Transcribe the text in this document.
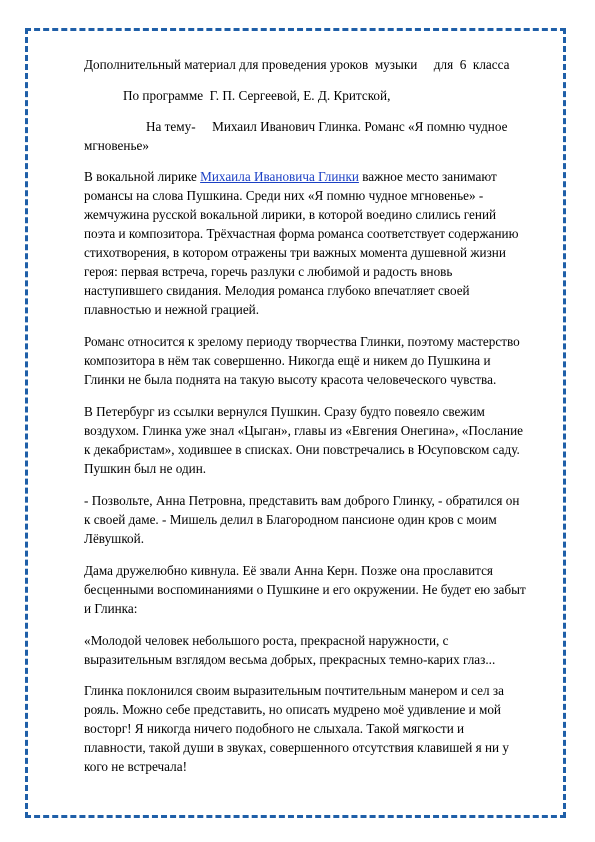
Дополнительный материал для проведения уроков  музыки     для  6  класса
По программе  Г. П. Сергеевой, Е. Д. Критской,
На тему-     Михаил Иванович Глинка. Романс «Я помню чудное
мгновенье»

В вокальной лирике Михаила Ивановича Глинки важное место занимают
романсы на слова Пушкина. Среди них «Я помню чудное мгновенье» -
жемчужина русской вокальной лирики, в которой воедино слились гений
поэта и композитора. Трёхчастная форма романса соответствует содержанию
стихотворения, в котором отражены три важных момента душевной жизни
героя: первая встреча, горечь разлуки с любимой и радость вновь
наступившего свидания. Мелодия романса глубоко впечатляет своей
плавностью и нежной грацией.

Романс относится к зрелому периоду творчества Глинки, поэтому мастерство
композитора в нём так совершенно. Никогда ещё и никем до Пушкина и
Глинки не была поднята на такую высоту красота человеческого чувства.

В Петербург из ссылки вернулся Пушкин. Сразу будто повеяло свежим
воздухом. Глинка уже знал «Цыган», главы из «Евгения Онегина», «Послание
к декабристам», ходившее в списках. Они повстречались в Юсуповском саду.
Пушкин был не один.

- Позвольте, Анна Петровна, представить вам доброго Глинку, - обратился он
к своей даме. - Мишель делил в Благородном пансионе один кров с моим
Лёвушкой.

Дама дружелюбно кивнула. Её звали Анна Керн. Позже она прославится
бесценными воспоминаниями о Пушкине и его окружении. Не будет ею забыт
и Глинка:

«Молодой человек небольшого роста, прекрасной наружности, с
выразительным взглядом весьма добрых, прекрасных темно-карих глаз...

Глинка поклонился своим выразительным почтительным манером и сел за
рояль. Можно себе представить, но описать мудрено моё удивление и мой
восторг! Я никогда ничего подобного не слыхала. Такой мягкости и
плавности, такой души в звуках, совершенного отсутствия клавишей я ни у
кого не встречала!
